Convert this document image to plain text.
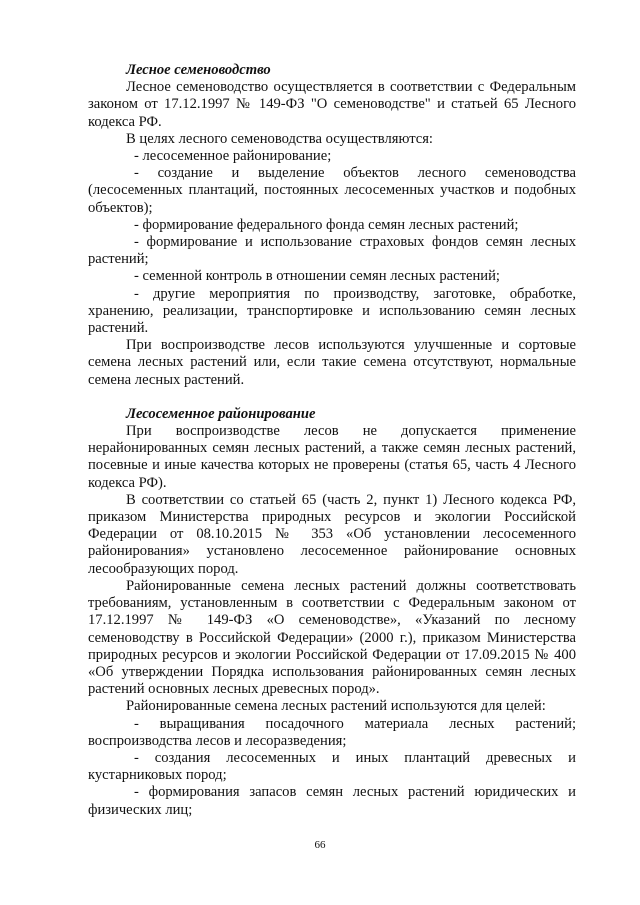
Лесное семеноводство

Лесное семеноводство осуществляется в соответствии с Федеральным законом от 17.12.1997 № 149-ФЗ "О семеноводстве" и статьей 65 Лесного кодекса РФ.

В целях лесного семеноводства осуществляются:

- лесосеменное районирование;

- создание и выделение объектов лесного семеноводства (лесосеменных плантаций, постоянных лесосеменных участков и подобных объектов);

- формирование федерального фонда семян лесных растений;

- формирование и использование страховых фондов семян лесных растений;

- семенной контроль в отношении семян лесных растений;

- другие мероприятия по производству, заготовке, обработке, хранению, реализации, транспортировке и использованию семян лесных растений.

При воспроизводстве лесов используются улучшенные и сортовые семена лесных растений или, если такие семена отсутствуют, нормальные семена лесных растений.

Лесосеменное районирование

При воспроизводстве лесов не допускается применение нерайонированных семян лесных растений, а также семян лесных растений, посевные и иные качества которых не проверены (статья 65, часть 4 Лесного кодекса РФ).

В соответствии со статьей 65 (часть 2, пункт 1) Лесного кодекса РФ, приказом Министерства природных ресурсов и экологии Российской Федерации от 08.10.2015 № 353 «Об установлении лесосеменного районирования» установлено лесосеменное районирование основных лесообразующих пород.

Районированные семена лесных растений должны соответствовать требованиям, установленным в соответствии с Федеральным законом от 17.12.1997 № 149-ФЗ «О семеноводстве», «Указаний по лесному семеноводству в Российской Федерации» (2000 г.), приказом Министерства природных ресурсов и экологии Российской Федерации от 17.09.2015 № 400 «Об утверждении Порядка использования районированных семян лесных растений основных лесных древесных пород».

Районированные семена лесных растений используются для целей:

- выращивания посадочного материала лесных растений; воспроизводства лесов и лесоразведения;

- создания лесосеменных и иных плантаций древесных и кустарниковых пород;

- формирования запасов семян лесных растений юридических и физических лиц;

66
